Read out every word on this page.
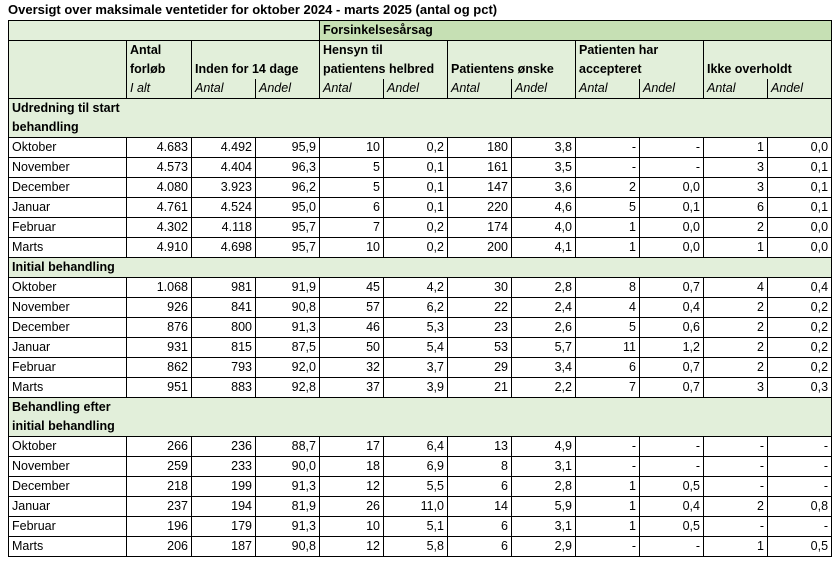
Oversigt over maksimale ventetider for oktober 2024 - marts 2025 (antal og pct)
				Forsinkelsesårsag							
	Antal forløb	Inden for 14 dage		Hensyn til patientens helbred		Patientens ønske		Patienten har accepteret		Ikke overholdt	
	I alt	Antal	Andel	Antal	Andel	Antal	Andel	Antal	Andel	Antal	Andel
Udredning til start behandling											
Oktober	4.683	4.492	95,9	10	0,2	180	3,8	-	-	1	0,0
November	4.573	4.404	96,3	5	0,1	161	3,5	-	-	3	0,1
December	4.080	3.923	96,2	5	0,1	147	3,6	2	0,0	3	0,1
Januar	4.761	4.524	95,0	6	0,1	220	4,6	5	0,1	6	0,1
Februar	4.302	4.118	95,7	7	0,2	174	4,0	1	0,0	2	0,0
Marts	4.910	4.698	95,7	10	0,2	200	4,1	1	0,0	1	0,0
Initial behandling											
Oktober	1.068	981	91,9	45	4,2	30	2,8	8	0,7	4	0,4
November	926	841	90,8	57	6,2	22	2,4	4	0,4	2	0,2
December	876	800	91,3	46	5,3	23	2,6	5	0,6	2	0,2
Januar	931	815	87,5	50	5,4	53	5,7	11	1,2	2	0,2
Februar	862	793	92,0	32	3,7	29	3,4	6	0,7	2	0,2
Marts	951	883	92,8	37	3,9	21	2,2	7	0,7	3	0,3
Behandling efter initial behandling											
Oktober	266	236	88,7	17	6,4	13	4,9	-	-	-	-
November	259	233	90,0	18	6,9	8	3,1	-	-	-	-
December	218	199	91,3	12	5,5	6	2,8	1	0,5	-	-
Januar	237	194	81,9	26	11,0	14	5,9	1	0,4	2	0,8
Februar	196	179	91,3	10	5,1	6	3,1	1	0,5	-	-
Marts	206	187	90,8	12	5,8	6	2,9	-	-	1	0,5
